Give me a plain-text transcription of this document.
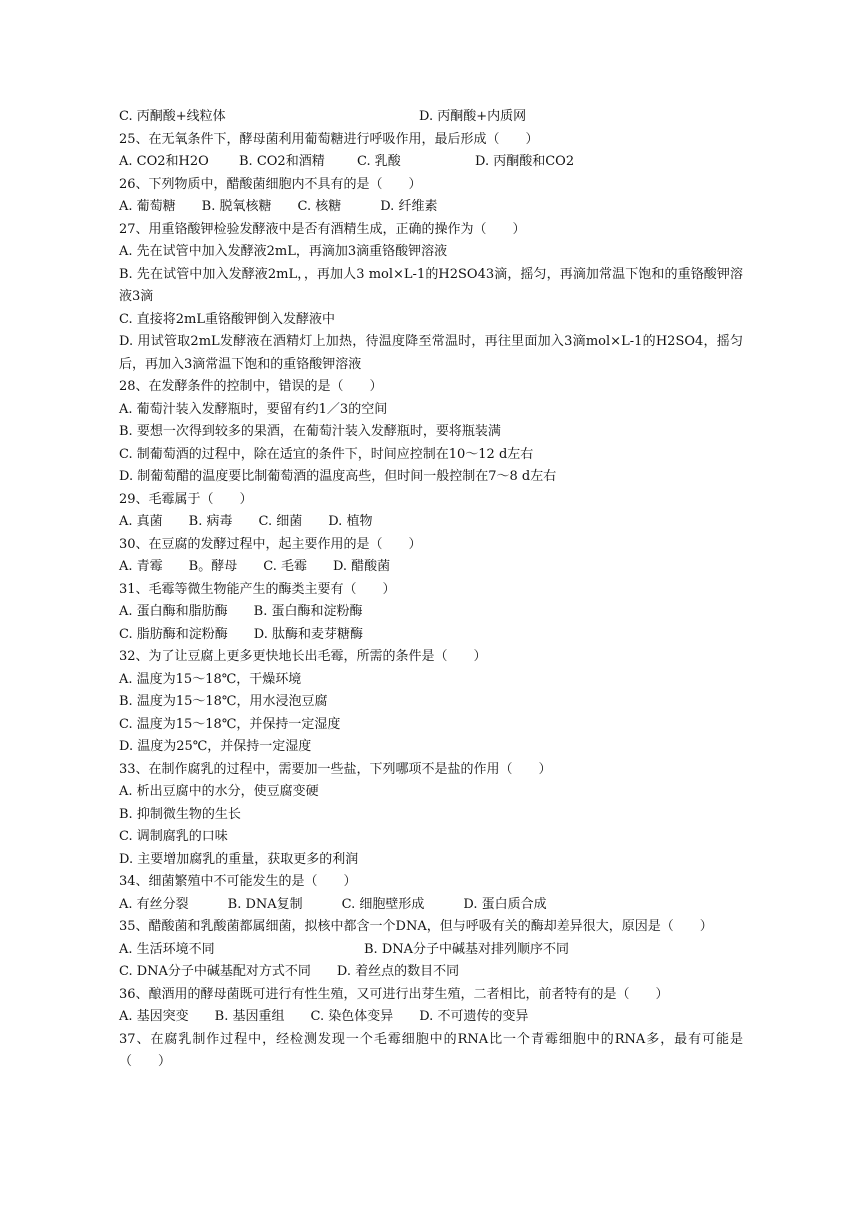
C. 丙酮酸+线粒体	D. 丙酮酸+内质网
25、在无氧条件下，酵母菌利用葡萄糖进行呼吸作用，最后形成（　　）
A. CO2和H2O B. CO2和酒精 C. 乳酸	D. 丙酮酸和CO2
26、下列物质中，醋酸菌细胞内不具有的是（　　）
A. 葡萄糖　　B. 脱氧核糖　　C. 核糖　　　D. 纤维素
27、用重铬酸钾检验发酵液中是否有酒精生成，正确的操作为（　　）
A. 先在试管中加入发酵液2mL，再滴加3滴重铬酸钾溶液
B. 先在试管中加入发酵液2mL，，再加人3 mol×L-1的H2SO43滴，摇匀，再滴加常温下饱和的重铬酸钾溶液3滴
C. 直接将2mL重铬酸钾倒入发酵液中
D. 用试管取2mL发酵液在酒精灯上加热，待温度降至常温时，再往里面加入3滴mol×L-1的H2SO4，摇匀后，再加入3滴常温下饱和的重铬酸钾溶液
28、在发酵条件的控制中，错误的是（　　）
A. 葡萄汁装入发酵瓶时，要留有约1／3的空间
B. 要想一次得到较多的果酒，在葡萄汁装入发酵瓶时，要将瓶装满
C. 制葡萄酒的过程中，除在适宜的条件下，时间应控制在10～12 d左右
D. 制葡萄醋的温度要比制葡萄酒的温度高些，但时间一般控制在7～8 d左右
29、毛霉属于（　　）
A. 真菌　　B. 病毒　　C. 细菌　　D. 植物
30、在豆腐的发酵过程中，起主要作用的是（　　）
A. 青霉　　B。酵母　　C. 毛霉　　D. 醋酸菌
31、毛霉等微生物能产生的酶类主要有（　　）
A. 蛋白酶和脂肪酶　　B. 蛋白酶和淀粉酶
C. 脂肪酶和淀粉酶　　D. 肽酶和麦芽糖酶
32、为了让豆腐上更多更快地长出毛霉，所需的条件是（　　）
A. 温度为15～18℃，干燥环境
B. 温度为15～18℃，用水浸泡豆腐
C. 温度为15～18℃，并保持一定湿度
D. 温度为25℃，并保持一定湿度
33、在制作腐乳的过程中，需要加一些盐，下列哪项不是盐的作用（　　）
A. 析出豆腐中的水分，使豆腐变硬
B. 抑制微生物的生长
C. 调制腐乳的口味
D. 主要增加腐乳的重量，获取更多的利润
34、细菌繁殖中不可能发生的是（　　）
A. 有丝分裂　　　B. DNA复制　　　C. 细胞壁形成　　　D. 蛋白质合成
35、醋酸菌和乳酸菌都属细菌，拟核中都含一个DNA，但与呼吸有关的酶却差异很大，原因是（　　）
A. 生活环境不同	B. DNA分子中碱基对排列顺序不同
C. DNA分子中碱基配对方式不同　　D. 着丝点的数目不同
36、酿酒用的酵母菌既可进行有性生殖，又可进行出芽生殖，二者相比，前者特有的是（　　）
A. 基因突变　　B. 基因重组　　C. 染色体变异　　D. 不可遗传的变异
37、在腐乳制作过程中，经检测发现一个毛霉细胞中的RNA比一个青霉细胞中的RNA多，最有可能是（　　）
